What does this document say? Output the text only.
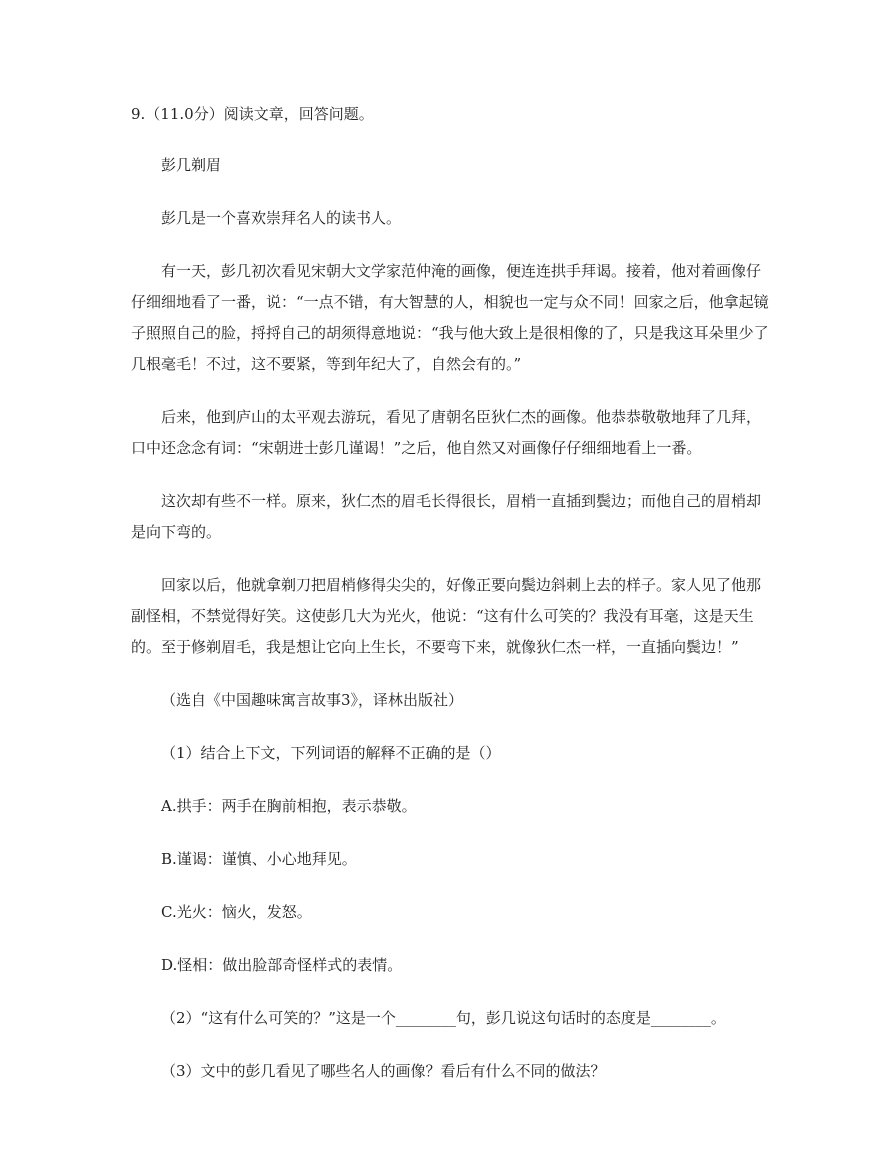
9.（11.0分）阅读文章，回答问题。

彭几剃眉

彭几是一个喜欢崇拜名人的读书人。

有一天，彭几初次看见宋朝大文学家范仲淹的画像，便连连拱手拜谒。接着，他对着画像仔仔细细地看了一番，说：“一点不错，有大智慧的人，相貌也一定与众不同！回家之后，他拿起镜子照照自己的脸，捋捋自己的胡须得意地说：“我与他大致上是很相像的了，只是我这耳朵里少了几根毫毛！不过，这不要紧，等到年纪大了，自然会有的。”

后来，他到庐山的太平观去游玩，看见了唐朝名臣狄仁杰的画像。他恭恭敬敬地拜了几拜，口中还念念有词：“宋朝进士彭几谨谒！”之后，他自然又对画像仔仔细细地看上一番。

这次却有些不一样。原来，狄仁杰的眉毛长得很长，眉梢一直插到鬓边；而他自己的眉梢却是向下弯的。

回家以后，他就拿剃刀把眉梢修得尖尖的，好像正要向鬓边斜刺上去的样子。家人见了他那副怪相，不禁觉得好笑。这使彭几大为光火，他说：“这有什么可笑的？我没有耳毫，这是天生的。至于修剃眉毛，我是想让它向上生长，不要弯下来，就像狄仁杰一样，一直插向鬓边！”

（选自《中国趣味寓言故事3》，译林出版社）

（1）结合上下文，下列词语的解释不正确的是（）

A.拱手：两手在胸前相抱，表示恭敬。

B.谨谒：谨慎、小心地拜见。

C.光火：恼火，发怒。

D.怪相：做出脸部奇怪样式的表情。

（2）“这有什么可笑的？”这是一个________句，彭几说这句话时的态度是________。

（3）文中的彭几看见了哪些名人的画像？看后有什么不同的做法？
